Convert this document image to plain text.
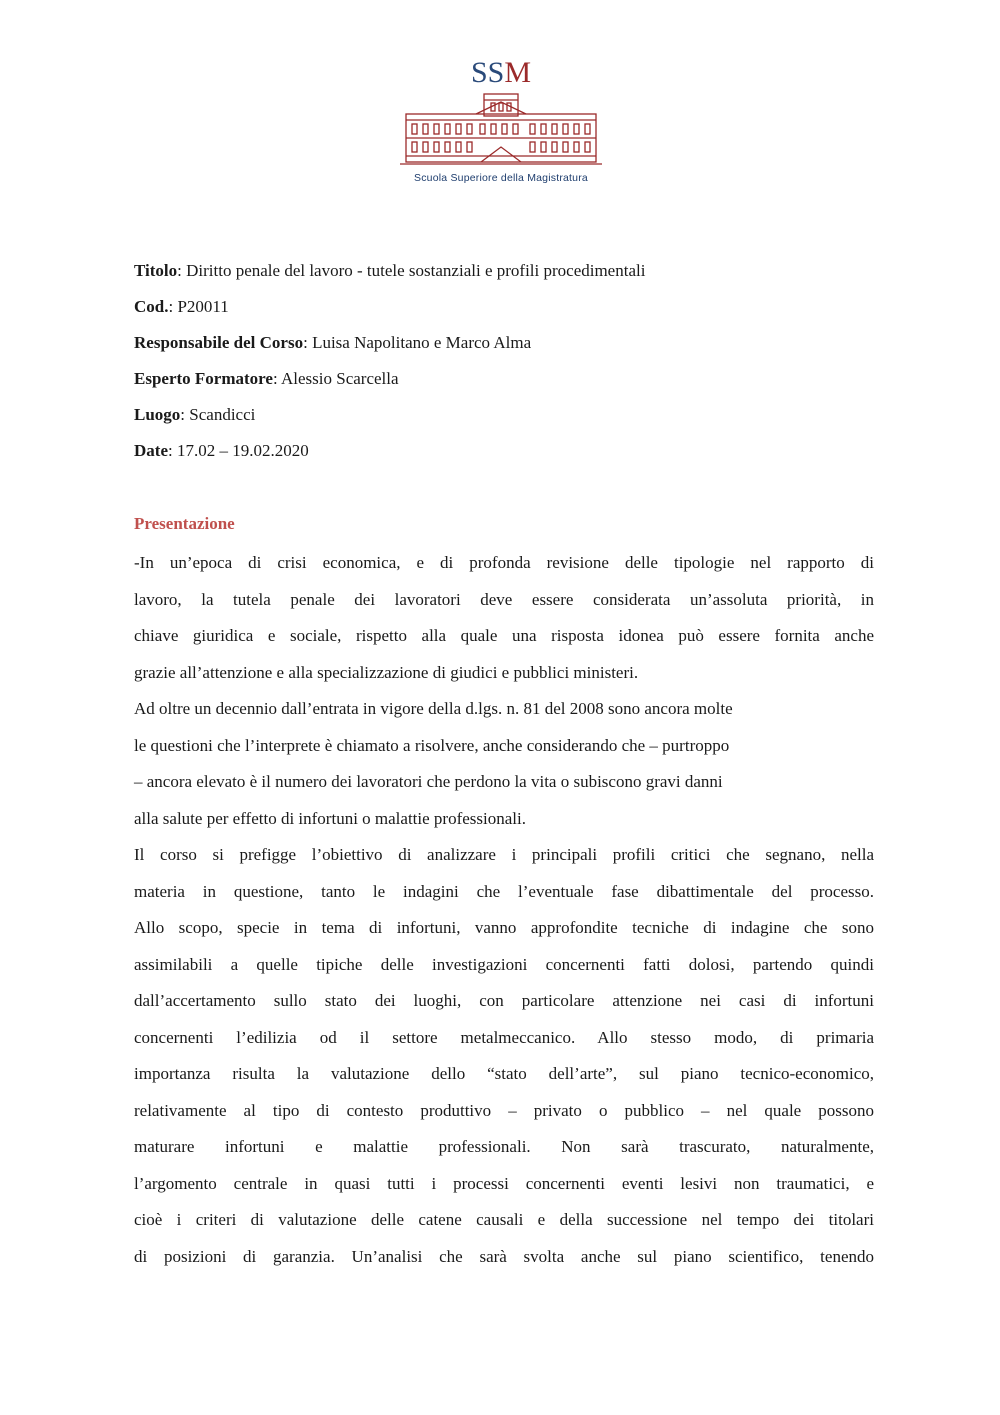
SSM
Scuola Superiore della Magistratura
Titolo: Diritto penale del lavoro - tutele sostanziali e profili procedimentali
Cod.: P20011
Responsabile del Corso: Luisa Napolitano e Marco Alma
Esperto Formatore: Alessio Scarcella
Luogo: Scandicci
Date: 17.02 – 19.02.2020
Presentazione

-In un’epoca di crisi economica, e di profonda revisione delle tipologie nel rapporto di
lavoro, la tutela penale dei lavoratori deve essere considerata un’assoluta priorità, in
chiave giuridica e sociale, rispetto alla quale una risposta idonea può essere fornita anche
grazie all’attenzione e alla specializzazione di giudici e pubblici ministeri.

Ad oltre un decennio dall’entrata in vigore della d.lgs. n. 81 del 2008 sono ancora molte
le questioni che l’interprete è chiamato a risolvere, anche considerando che – purtroppo
– ancora elevato è il numero dei lavoratori che perdono la vita o subiscono gravi danni
alla salute per effetto di infortuni o malattie professionali.

Il corso si prefigge l’obiettivo di analizzare i principali profili critici che segnano, nella
materia in questione, tanto le indagini che l’eventuale fase dibattimentale del processo.
Allo scopo, specie in tema di infortuni, vanno approfondite tecniche di indagine che sono
assimilabili a quelle tipiche delle investigazioni concernenti fatti dolosi, partendo quindi
dall’accertamento sullo stato dei luoghi, con particolare attenzione nei casi di infortuni
concernenti l’edilizia od il settore metalmeccanico. Allo stesso modo, di primaria
importanza risulta la valutazione dello “stato dell’arte”, sul piano tecnico-economico,
relativamente al tipo di contesto produttivo – privato o pubblico – nel quale possono
maturare infortuni e malattie professionali. Non sarà trascurato, naturalmente,
l’argomento centrale in quasi tutti i processi concernenti eventi lesivi non traumatici, e
cioè i criteri di valutazione delle catene causali e della successione nel tempo dei titolari
di posizioni di garanzia. Un’analisi che sarà svolta anche sul piano scientifico, tenendo
